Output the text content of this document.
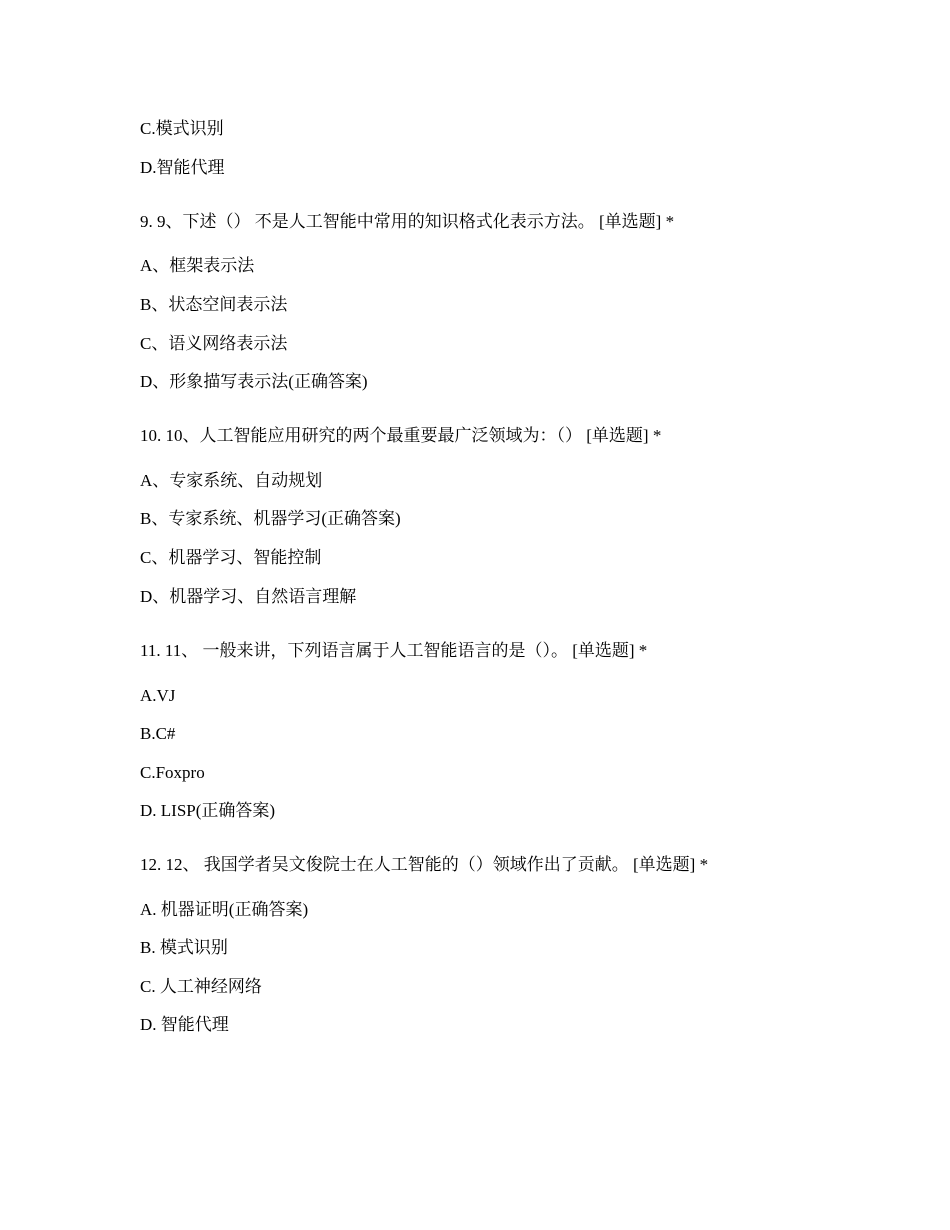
C.模式识别
D.智能代理
9. 9、下述（） 不是人工智能中常用的知识格式化表示方法。 [单选题] *
A、框架表示法
B、状态空间表示法
C、语义网络表示法
D、形象描写表示法(正确答案)
10. 10、人工智能应用研究的两个最重要最广泛领域为：（） [单选题] *
A、专家系统、自动规划
B、专家系统、机器学习(正确答案)
C、机器学习、智能控制
D、机器学习、自然语言理解
11. 11、 一般来讲，下列语言属于人工智能语言的是（）。 [单选题] *
A.VJ
B.C#
C.Foxpro
D. LISP(正确答案)
12. 12、 我国学者吴文俊院士在人工智能的（）领域作出了贡献。 [单选题] *
A. 机器证明(正确答案)
B. 模式识别
C. 人工神经网络
D. 智能代理
